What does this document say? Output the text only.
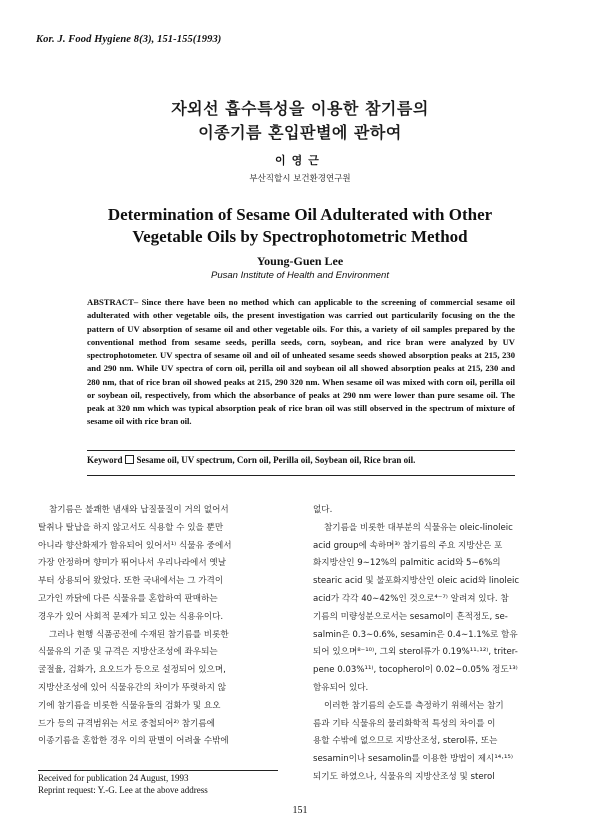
Kor. J. Food Hygiene 8(3), 151-155(1993)
자외선 흡수특성을 이용한 참기름의
이종기름 혼입판별에 관하여
이영근
부산직할시 보건환경연구원
Determination of Sesame Oil Adulterated with Other
Vegetable Oils by Spectrophotometric Method
Young-Guen Lee
Pusan Institute of Health and Environment
ABSTRACT– Since there have been no method which can applicable to the screening of commercial sesame oil adulterated with other vegetable oils, the present investigation was carried out particularily focusing on the the pattern of UV absorption of sesame oil and other vegetable oils. For this, a variety of oil samples prepared by the conventional method from sesame seeds, perilla seeds, corn, soybean, and rice bran were analyzed by UV spectrophotometer. UV spectra of sesame oil and oil of unheated sesame seeds showed absorption peaks at 215, 230 and 290 nm. While UV spectra of corn oil, perilla oil and soybean oil all showed absorption peaks at 215, 230 and 280 nm, that of rice bran oil showed peaks at 215, 290 320 nm. When sesame oil was mixed with corn oil, perilla oil or soybean oil, respectively, from which the absorbance of peaks at 290 nm were lower than pure sesame oil. The peak at 320 nm which was typical absorption peak of rice bran oil was still observed in the spectrum of mixture of sesame oil with rice bran oil.
Keyword Sesame oil, UV spectrum, Corn oil, Perilla oil, Soybean oil, Rice bran oil.
참기름은 불쾌한 냄새와 납질물질이 거의 없어서
탈취나 탈납을 하지 않고서도 식용할 수 있을 뿐만
아니라 향산화제가 함유되어 있어서¹⁾ 식물유 중에서
가장 안정하며 향미가 뛰어나서 우리나라에서 옛날
부터 상용되어 왔었다. 또한 국내에서는 그 가격이
고가인 까닭에 다른 식물유를 혼합하여 판매하는
경우가 있어 사회적 문제가 되고 있는 식용유이다.
그러나 현행 식품공전에 수재된 참기름를 비롯한
식물유의 기준 및 규격은 지방산조성에 좌우되는
굴절율, 검화가, 요오드가 등으로 설정되어 있으며,
지방산조성에 있어 식물유간의 차이가 뚜렷하지 않
기에 참기름을 비롯한 식물유들의 검화가 및 요오
드가 등의 규격범위는 서로 중첩되어²⁾ 참기름에
이종기름을 혼합한 경우 이의 판별이 어려울 수밖에
없다.
참기름을 비롯한 대부분의 식물유는 oleic-linoleic
acid group에 속하며³⁾ 참기름의 주요 지방산은 포
화지방산인 9∼12%의 palmitic acid와 5∼6%의
stearic acid 및 불포화지방산인 oleic acid와 linoleic
acid가 각각 40∼42%인 것으로⁴⁻⁷⁾ 알려져 있다. 참
기름의 미량성분으로서는 sesamol이 흔적정도, se-
salmin은 0.3∼0.6%, sesamin은 0.4∼1.1%로 함유
되어 있으며⁸⁻¹⁰⁾, 그외 sterol류가 0.19%¹¹·¹²⁾, triter-
pene 0.03%¹¹⁾, tocopherol이 0.02∼0.05% 정도¹³⁾
함유되어 있다.
이러한 참기름의 순도를 측정하기 위해서는 참기
름과 기타 식물유의 물리화학적 특성의 차이를 이
용할 수밖에 없으므로 지방산조성, sterol류, 또는
sesamin이나 sesamolin를 이용한 방법이 제시¹⁴·¹⁵⁾
되기도 하였으나, 식물유의 지방산조성 및 sterol
Received for publication 24 August, 1993
Reprint request: Y.-G. Lee at the above address
151
